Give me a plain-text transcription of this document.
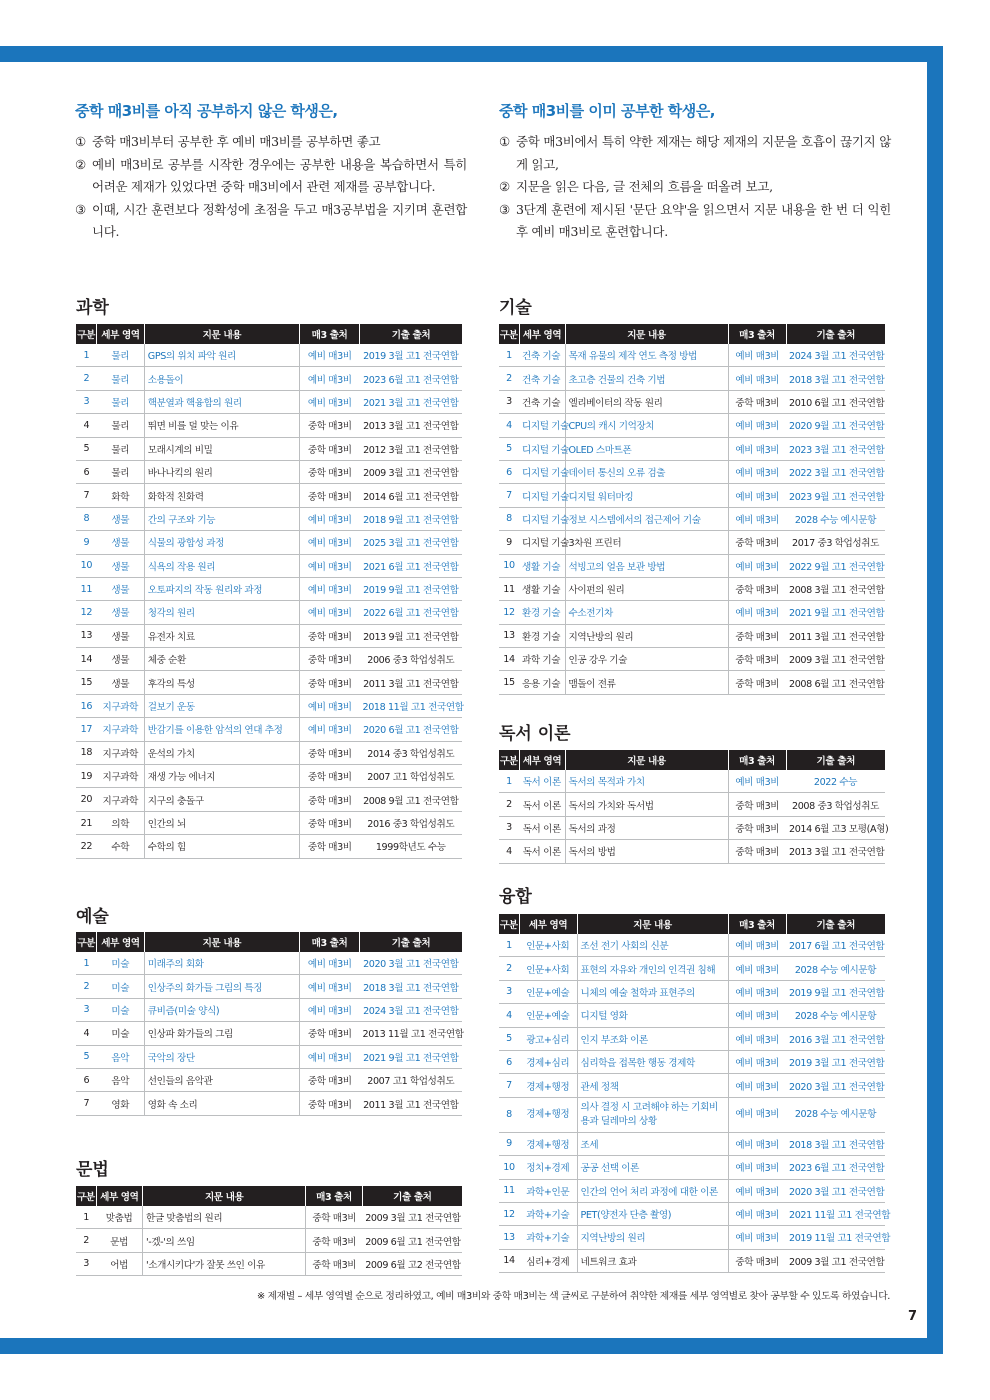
7
중학 매3비를 아직 공부하지 않은 학생은,
① 중학 매3비부터 공부한 후 예비 매3비를 공부하면 좋고
② 예비 매3비로 공부를 시작한 경우에는 공부한 내용을 복습하면서 특히 어려운 제재가 있었다면 중학 매3비에서 관련 제재를 공부합니다.
③ 이때, 시간 훈련보다 정확성에 초점을 두고 매3공부법을 지키며 훈련합니다.
중학 매3비를 이미 공부한 학생은,
① 중학 매3비에서 특히 약한 제재는 해당 제재의 지문을 호흡이 끊기지 않게 읽고,
② 지문을 읽은 다음, 글 전체의 흐름을 떠올려 보고,
③ 3단계 훈련에 제시된 '문단 요약'을 읽으면서 지문 내용을 한 번 더 익힌 후 예비 매3비로 훈련합니다.
과학
예술
문법
기술
독서 이론
융합
구분	세부 영역	지문 내용	매3 출처	기출 출처
1	물리	GPS의 위치 파악 원리	예비 매3비	2019 3월 고1 전국연합
2	물리	소용돌이	예비 매3비	2023 6월 고1 전국연합
3	물리	핵분열과 핵융합의 원리	예비 매3비	2021 3월 고1 전국연합
4	물리	뛰면 비를 덜 맞는 이유	중학 매3비	2013 3월 고1 전국연합
5	물리	모래시계의 비밀	중학 매3비	2012 3월 고1 전국연합
6	물리	바나나킥의 원리	중학 매3비	2009 3월 고1 전국연합
7	화학	화학적 친화력	중학 매3비	2014 6월 고1 전국연합
8	생물	간의 구조와 기능	예비 매3비	2018 9월 고1 전국연합
9	생물	식물의 광합성 과정	예비 매3비	2025 3월 고1 전국연합
10	생물	식욕의 작용 원리	예비 매3비	2021 6월 고1 전국연합
11	생물	오토파지의 작동 원리와 과정	예비 매3비	2019 9월 고1 전국연합
12	생물	청각의 원리	예비 매3비	2022 6월 고1 전국연합
13	생물	유전자 치료	중학 매3비	2013 9월 고1 전국연합
14	생물	체중 순환	중학 매3비	2006 중3 학업성취도
15	생물	후각의 특성	중학 매3비	2011 3월 고1 전국연합
16	지구과학	걸보기 운동	예비 매3비	2018 11월 고1 전국연합
17	지구과학	반감기를 이용한 암석의 연대 추정	예비 매3비	2020 6월 고1 전국연합
18	지구과학	운석의 가치	중학 매3비	2014 중3 학업성취도
19	지구과학	재생 가능 에너지	중학 매3비	2007 고1 학업성취도
20	지구과학	지구의 충돌구	중학 매3비	2008 9월 고1 전국연합
21	의학	인간의 뇌	중학 매3비	2016 중3 학업성취도
22	수학	수학의 힘	중학 매3비	1999학년도 수능
구분	세부 영역	지문 내용	매3 출처	기출 출처
1	미술	미래주의 회화	예비 매3비	2020 3월 고1 전국연합
2	미술	인상주의 화가들 그림의 특징	예비 매3비	2018 3월 고1 전국연합
3	미술	큐비즘(미술 양식)	예비 매3비	2024 3월 고1 전국연합
4	미술	인상파 화가들의 그림	중학 매3비	2013 11월 고1 전국연합
5	음악	국악의 장단	예비 매3비	2021 9월 고1 전국연합
6	음악	선인들의 음악관	중학 매3비	2007 고1 학업성취도
7	영화	영화 속 소리	중학 매3비	2011 3월 고1 전국연합
구분	세부 영역	지문 내용	매3 출처	기출 출처
1	맞춤법	한글 맞춤법의 원리	중학 매3비	2009 3월 고1 전국연합
2	문법	'-겠-'의 쓰임	중학 매3비	2009 6월 고1 전국연합
3	어법	'소개시키다'가 잘못 쓰인 이유	중학 매3비	2009 6월 고2 전국연합
구분	세부 영역	지문 내용	매3 출처	기출 출처
1	건축 기술	목재 유물의 제작 연도 측정 방법	예비 매3비	2024 3월 고1 전국연합
2	건축 기술	초고층 건물의 건축 기법	예비 매3비	2018 3월 고1 전국연합
3	건축 기술	엘리베이터의 작동 원리	중학 매3비	2010 6월 고1 전국연합
4	디지털 기술	CPU의 캐시 기억장치	예비 매3비	2020 9월 고1 전국연합
5	디지털 기술	OLED 스마트폰	예비 매3비	2023 3월 고1 전국연합
6	디지털 기술	데이터 통신의 오류 검출	예비 매3비	2022 3월 고1 전국연합
7	디지털 기술	디지털 워터마킹	예비 매3비	2023 9월 고1 전국연합
8	디지털 기술	정보 시스템에서의 접근제어 기술	예비 매3비	2028 수능 예시문항
9	디지털 기술	3차원 프린터	중학 매3비	2017 중3 학업성취도
10	생활 기술	석빙고의 얼음 보관 방법	예비 매3비	2022 9월 고1 전국연합
11	생활 기술	사이펀의 원리	중학 매3비	2008 3월 고1 전국연합
12	환경 기술	수소전기차	예비 매3비	2021 9월 고1 전국연합
13	환경 기술	지역난방의 원리	중학 매3비	2011 3월 고1 전국연합
14	과학 기술	인공 강우 기술	중학 매3비	2009 3월 고1 전국연합
15	응용 기술	맴돌이 전류	중학 매3비	2008 6월 고1 전국연합
구분	세부 영역	지문 내용	매3 출처	기출 출처
1	독서 이론	독서의 목적과 가치	예비 매3비	2022 수능
2	독서 이론	독서의 가치와 독서법	중학 매3비	2008 중3 학업성취도
3	독서 이론	독서의 과정	중학 매3비	2014 6월 고3 모평(A형)
4	독서 이론	독서의 방법	중학 매3비	2013 3월 고1 전국연합
구분	세부 영역	지문 내용	매3 출처	기출 출처
1	인문+사회	조선 전기 사회의 신분	예비 매3비	2017 6월 고1 전국연합
2	인문+사회	표현의 자유와 개인의 인격권 침해	예비 매3비	2028 수능 예시문항
3	인문+예술	니체의 예술 철학과 표현주의	예비 매3비	2019 9월 고1 전국연합
4	인문+예술	디지털 영화	예비 매3비	2028 수능 예시문항
5	광고+심리	인지 부조화 이론	예비 매3비	2016 3월 고1 전국연합
6	경제+심리	심리학을 접목한 행동 경제학	예비 매3비	2019 3월 고1 전국연합
7	경제+행정	관세 정책	예비 매3비	2020 3월 고1 전국연합
8	경제+행정	의사 결정 시 고려해야 하는 기회비용과 딜레마의 상황	예비 매3비	2028 수능 예시문항
9	경제+행정	조세	예비 매3비	2018 3월 고1 전국연합
10	정치+경제	공공 선택 이론	예비 매3비	2023 6월 고1 전국연합
11	과학+인문	인간의 언어 처리 과정에 대한 이론	예비 매3비	2020 3월 고1 전국연합
12	과학+기술	PET(양전자 단층 촬영)	예비 매3비	2021 11월 고1 전국연합
13	과학+기술	지역난방의 원리	예비 매3비	2019 11월 고1 전국연합
14	심리+경제	네트워크 효과	중학 매3비	2009 3월 고1 전국연합
※ 제재별 – 세부 영역별 순으로 정리하였고, 예비 매3비와 중학 매3비는 색 글씨로 구분하여 취약한 제재를 세부 영역별로 찾아 공부할 수 있도록 하였습니다.
